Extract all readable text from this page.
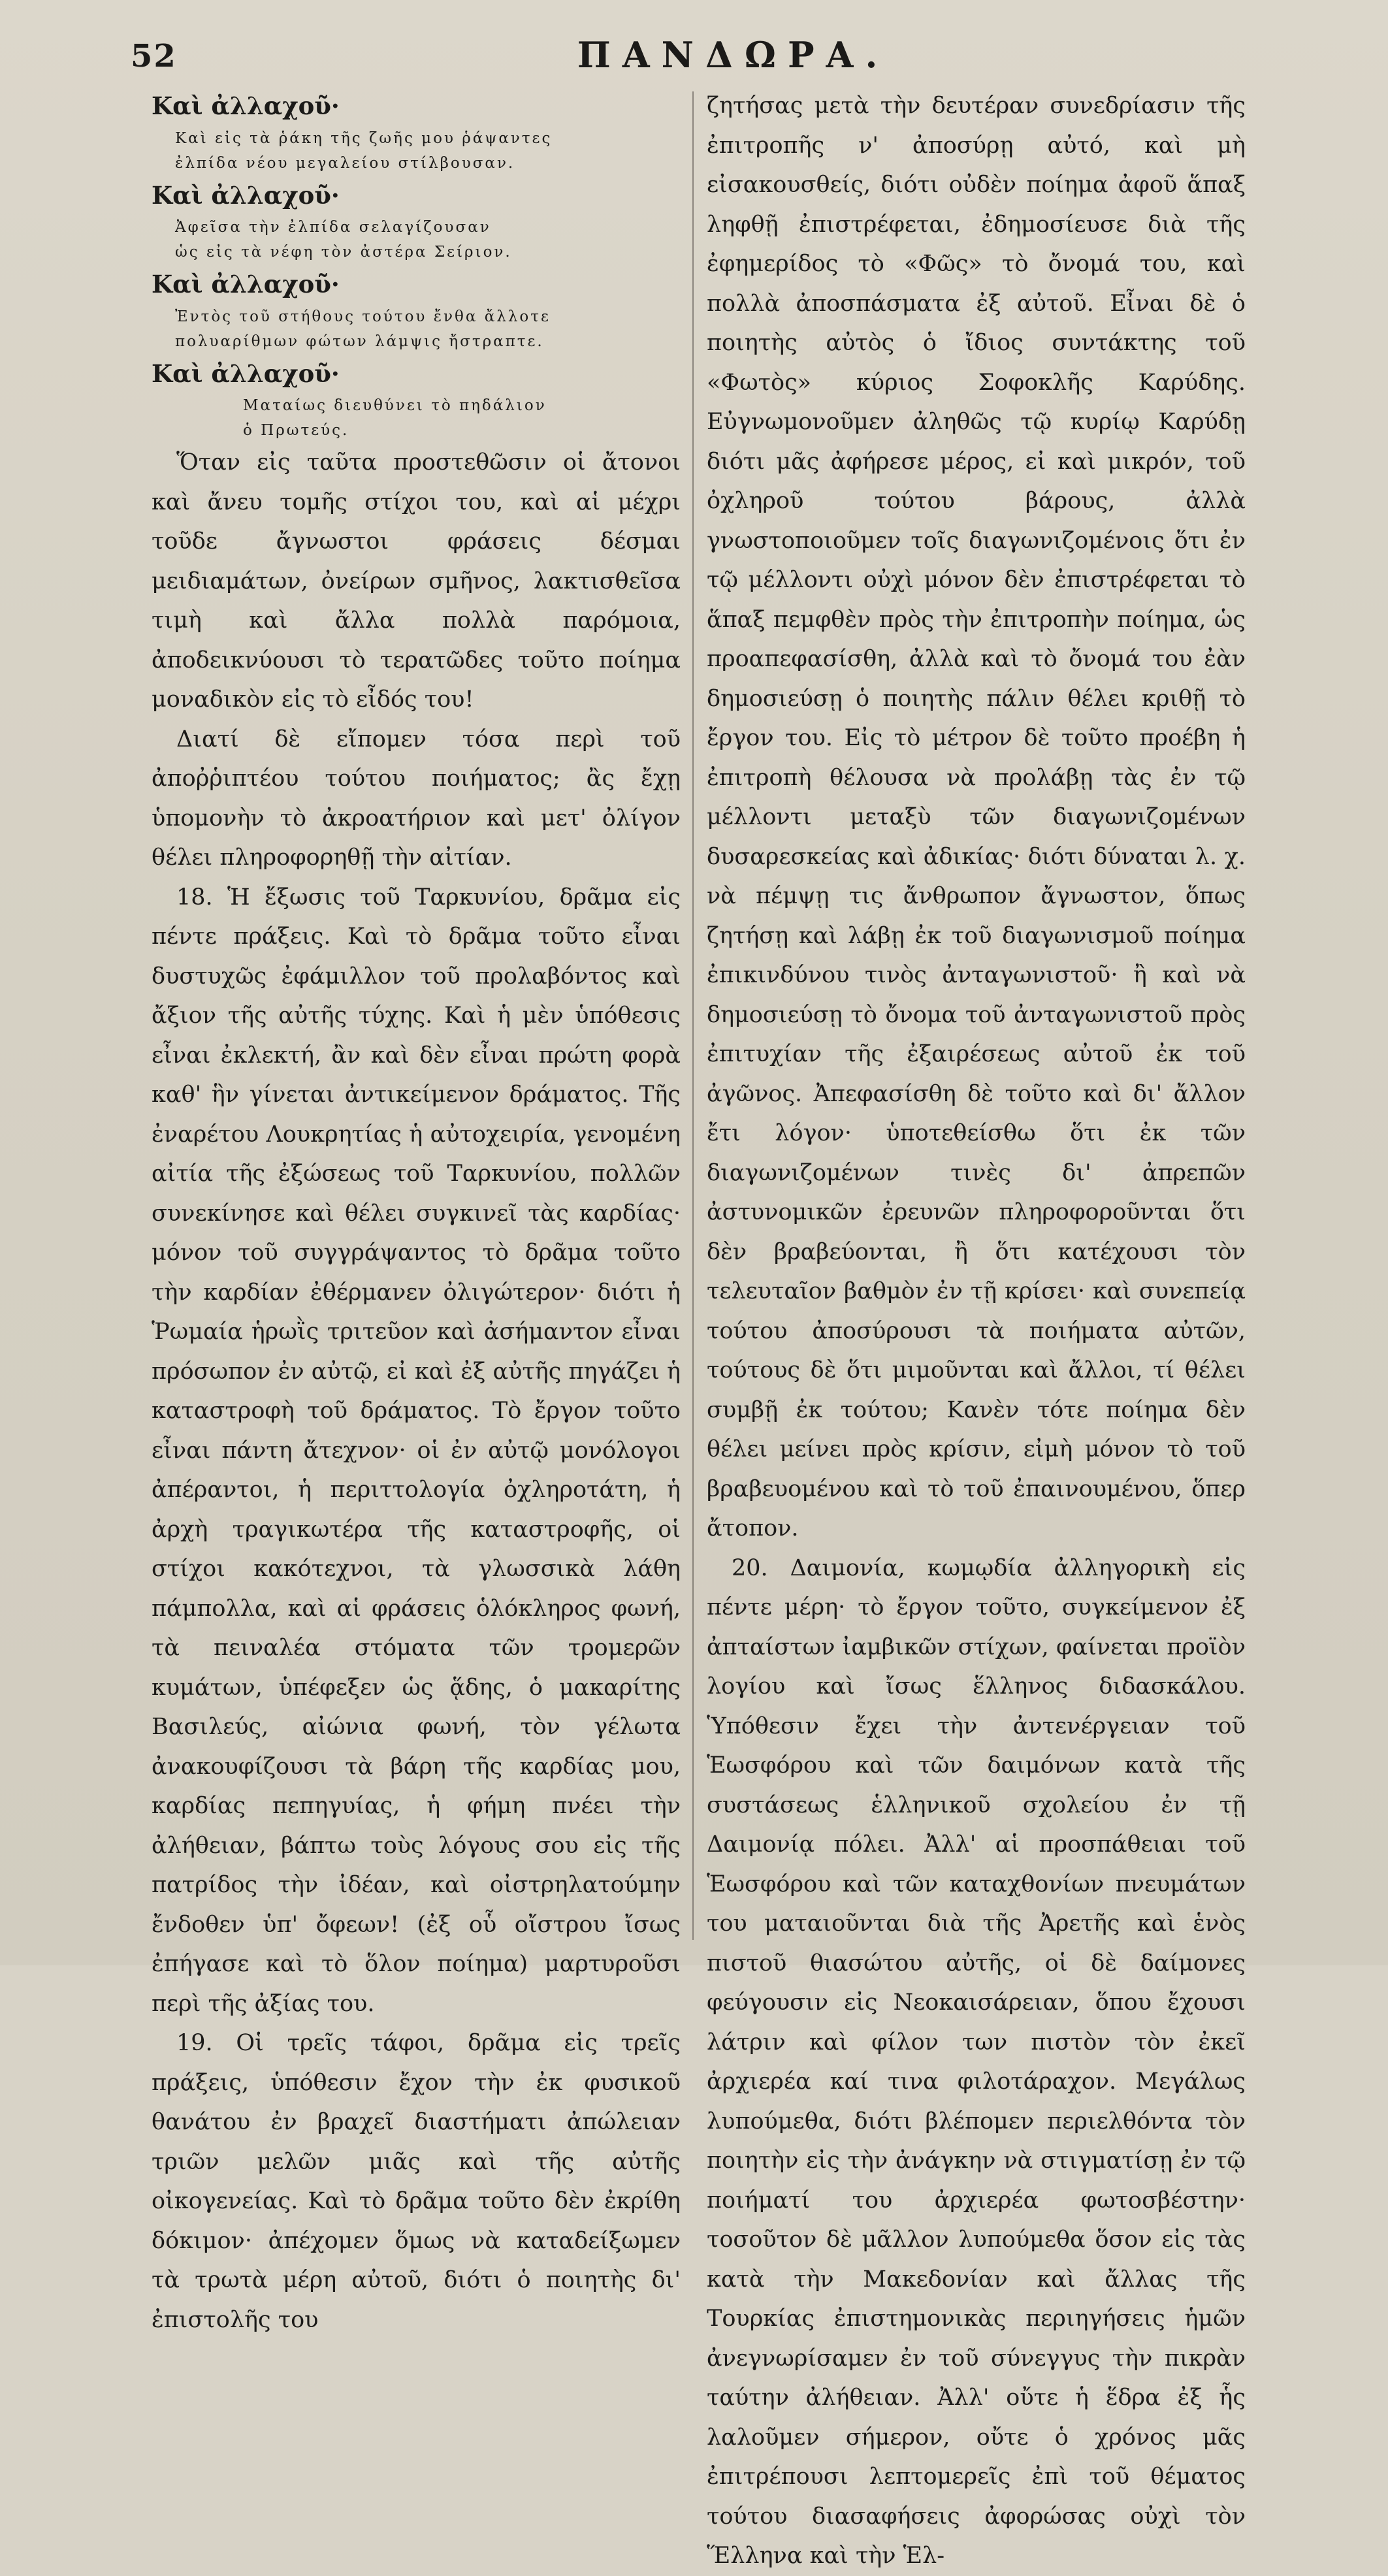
52	ΠΑΝΔΩΡΑ.

Καὶ ἀλλαχοῦ·

Καὶ εἰς τὰ ῥάκη τῆς ζωῆς μου ῥάψαντες
ἐλπίδα νέου μεγαλείου στίλβουσαν.

Καὶ ἀλλαχοῦ·

Ἀφεῖσα τὴν ἐλπίδα σελαγίζουσαν
ὡς εἰς τὰ νέφη τὸν ἀστέρα Σείριον.

Καὶ ἀλλαχοῦ·

Ἐντὸς τοῦ στήθους τούτου ἔνθα ἄλλοτε
πολυαρίθμων φώτων λάμψις ἤστραπτε.

Καὶ ἀλλαχοῦ·

Ματαίως διευθύνει τὸ πηδάλιον
ὁ Πρωτεύς.

Ὅταν εἰς ταῦτα προστεθῶσιν οἱ ἄτονοι καὶ ἄνευ τομῆς στίχοι του, καὶ αἱ μέχρι τοῦδε ἄγνωστοι φράσεις δέσμαι μειδιαμάτων, ὀνείρων σμῆνος, λακτισθεῖσα τιμὴ καὶ ἄλλα πολλὰ παρόμοια, ἀποδεικνύουσι τὸ τερατῶδες τοῦτο ποίημα μοναδικὸν εἰς τὸ εἶδός του!

Διατί δὲ εἴπομεν τόσα περὶ τοῦ ἀποῤῥιπτέου τούτου ποιήματος; ἂς ἔχῃ ὑπομονὴν τὸ ἀκροατήριον καὶ μετ' ὀλίγον θέλει πληροφορηθῇ τὴν αἰτίαν.

18. Ἡ ἔξωσις τοῦ Ταρκυνίου, δρᾶμα εἰς πέντε πράξεις. Καὶ τὸ δρᾶμα τοῦτο εἶναι δυστυχῶς ἐφάμιλλον τοῦ προλαβόντος καὶ ἄξιον τῆς αὐτῆς τύχης. Καὶ ἡ μὲν ὑπόθεσις εἶναι ἐκλεκτή, ἂν καὶ δὲν εἶναι πρώτη φορὰ καθ' ἣν γίνεται ἀντικείμενον δράματος. Τῆς ἐναρέτου Λουκρητίας ἡ αὐτοχειρία, γενομένη αἰτία τῆς ἐξώσεως τοῦ Ταρκυνίου, πολλῶν συνεκίνησε καὶ θέλει συγκινεῖ τὰς καρδίας· μόνον τοῦ συγγράψαντος τὸ δρᾶμα τοῦτο τὴν καρδίαν ἐθέρμανεν ὀλιγώτερον· διότι ἡ Ῥωμαία ἡρωῒς τριτεῦον καὶ ἀσήμαντον εἶναι πρόσωπον ἐν αὐτῷ, εἰ καὶ ἐξ αὐτῆς πηγάζει ἡ καταστροφὴ τοῦ δράματος. Τὸ ἔργον τοῦτο εἶναι πάντη ἄτεχνον· οἱ ἐν αὐτῷ μονόλογοι ἀπέραντοι, ἡ περιττολογία ὀχληροτάτη, ἡ ἀρχὴ τραγικωτέρα τῆς καταστροφῆς, οἱ στίχοι κακότεχνοι, τὰ γλωσσικὰ λάθη πάμπολλα, καὶ αἱ φράσεις ὁλόκληρος φωνή, τὰ πειναλέα στόματα τῶν τρομερῶν κυμάτων, ὑπέφεξεν ὡς ᾅδης, ὁ μακαρίτης Βασιλεύς, αἰώνια φωνή, τὸν γέλωτα ἀνακουφίζουσι τὰ βάρη τῆς καρδίας μου, καρδίας πεπηγυίας, ἡ φήμη πνέει τὴν ἀλήθειαν, βάπτω τοὺς λόγους σου εἰς τῆς πατρίδος τὴν ἰδέαν, καὶ οἰστρηλατούμην ἔνδοθεν ὑπ' ὄφεων! (ἐξ οὗ οἴστρου ἴσως ἐπήγασε καὶ τὸ ὅλον ποίημα) μαρτυροῦσι περὶ τῆς ἀξίας του.

19. Οἱ τρεῖς τάφοι, δρᾶμα εἰς τρεῖς πράξεις, ὑπόθεσιν ἔχον τὴν ἐκ φυσικοῦ θανάτου ἐν βραχεῖ διαστήματι ἀπώλειαν τριῶν μελῶν μιᾶς καὶ τῆς αὐτῆς οἰκογενείας. Καὶ τὸ δρᾶμα τοῦτο δὲν ἐκρίθη δόκιμον· ἀπέχομεν ὅμως νὰ καταδείξωμεν τὰ τρωτὰ μέρη αὐτοῦ, διότι ὁ ποιητὴς δι' ἐπιστολῆς του

ζητήσας μετὰ τὴν δευτέραν συνεδρίασιν τῆς ἐπιτροπῆς ν' ἀποσύρῃ αὐτό, καὶ μὴ εἰσακουσθείς, διότι οὐδὲν ποίημα ἀφοῦ ἅπαξ ληφθῇ ἐπιστρέφεται, ἐδημοσίευσε διὰ τῆς ἐφημερίδος τὸ «Φῶς» τὸ ὄνομά του, καὶ πολλὰ ἀποσπάσματα ἐξ αὐτοῦ. Εἶναι δὲ ὁ ποιητὴς αὐτὸς ὁ ἴδιος συντάκτης τοῦ «Φωτὸς» κύριος Σοφοκλῆς Καρύδης. Εὐγνωμονοῦμεν ἀληθῶς τῷ κυρίῳ Καρύδῃ διότι μᾶς ἀφήρεσε μέρος, εἰ καὶ μικρόν, τοῦ ὀχληροῦ τούτου βάρους, ἀλλὰ γνωστοποιοῦμεν τοῖς διαγωνιζομένοις ὅτι ἐν τῷ μέλλοντι οὐχὶ μόνον δὲν ἐπιστρέφεται τὸ ἅπαξ πεμφθὲν πρὸς τὴν ἐπιτροπὴν ποίημα, ὡς προαπεφασίσθη, ἀλλὰ καὶ τὸ ὄνομά του ἐὰν δημοσιεύσῃ ὁ ποιητὴς πάλιν θέλει κριθῇ τὸ ἔργον του. Εἰς τὸ μέτρον δὲ τοῦτο προέβη ἡ ἐπιτροπὴ θέλουσα νὰ προλάβῃ τὰς ἐν τῷ μέλλοντι μεταξὺ τῶν διαγωνιζομένων δυσαρεσκείας καὶ ἀδικίας· διότι δύναται λ. χ. νὰ πέμψῃ τις ἄνθρωπον ἄγνωστον, ὅπως ζητήσῃ καὶ λάβῃ ἐκ τοῦ διαγωνισμοῦ ποίημα ἐπικινδύνου τινὸς ἀνταγωνιστοῦ· ἢ καὶ νὰ δημοσιεύσῃ τὸ ὄνομα τοῦ ἀνταγωνιστοῦ πρὸς ἐπιτυχίαν τῆς ἐξαιρέσεως αὐτοῦ ἐκ τοῦ ἀγῶνος. Ἀπεφασίσθη δὲ τοῦτο καὶ δι' ἄλλον ἔτι λόγον· ὑποτεθείσθω ὅτι ἐκ τῶν διαγωνιζομένων τινὲς δι' ἀπρεπῶν ἀστυνομικῶν ἐρευνῶν πληροφοροῦνται ὅτι δὲν βραβεύονται, ἢ ὅτι κατέχουσι τὸν τελευταῖον βαθμὸν ἐν τῇ κρίσει· καὶ συνεπείᾳ τούτου ἀποσύρουσι τὰ ποιήματα αὐτῶν, τούτους δὲ ὅτι μιμοῦνται καὶ ἄλλοι, τί θέλει συμβῇ ἐκ τούτου; Κανὲν τότε ποίημα δὲν θέλει μείνει πρὸς κρίσιν, εἰμὴ μόνον τὸ τοῦ βραβευομένου καὶ τὸ τοῦ ἐπαινουμένου, ὅπερ ἄτοπον.

20. Δαιμονία, κωμῳδία ἀλληγορικὴ εἰς πέντε μέρη· τὸ ἔργον τοῦτο, συγκείμενον ἐξ ἀπταίστων ἰαμβικῶν στίχων, φαίνεται προϊὸν λογίου καὶ ἴσως ἕλληνος διδασκάλου. Ὑπόθεσιν ἔχει τὴν ἀντενέργειαν τοῦ Ἑωσφόρου καὶ τῶν δαιμόνων κατὰ τῆς συστάσεως ἑλληνικοῦ σχολείου ἐν τῇ Δαιμονίᾳ πόλει. Ἀλλ' αἱ προσπάθειαι τοῦ Ἑωσφόρου καὶ τῶν καταχθονίων πνευμάτων του ματαιοῦνται διὰ τῆς Ἀρετῆς καὶ ἑνὸς πιστοῦ θιασώτου αὐτῆς, οἱ δὲ δαίμονες φεύγουσιν εἰς Νεοκαισάρειαν, ὅπου ἔχουσι λάτριν καὶ φίλον των πιστὸν τὸν ἐκεῖ ἀρχιερέα καί τινα φιλοτάραχον. Μεγάλως λυπούμεθα, διότι βλέπομεν περιελθόντα τὸν ποιητὴν εἰς τὴν ἀνάγκην νὰ στιγματίσῃ ἐν τῷ ποιήματί του ἀρχιερέα φωτοσβέστην· τοσοῦτον δὲ μᾶλλον λυπούμεθα ὅσον εἰς τὰς κατὰ τὴν Μακεδονίαν καὶ ἄλλας τῆς Τουρκίας ἐπιστημονικὰς περιηγήσεις ἡμῶν ἀνεγνωρίσαμεν ἐν τοῦ σύνεγγυς τὴν πικρὰν ταύτην ἀλήθειαν. Ἀλλ' οὔτε ἡ ἕδρα ἐξ ἧς λαλοῦμεν σήμερον, οὔτε ὁ χρόνος μᾶς ἐπιτρέπουσι λεπτομερεῖς ἐπὶ τοῦ θέματος τούτου διασαφήσεις ἀφορώσας οὐχὶ τὸν Ἕλληνα καὶ τὴν Ἑλ-
